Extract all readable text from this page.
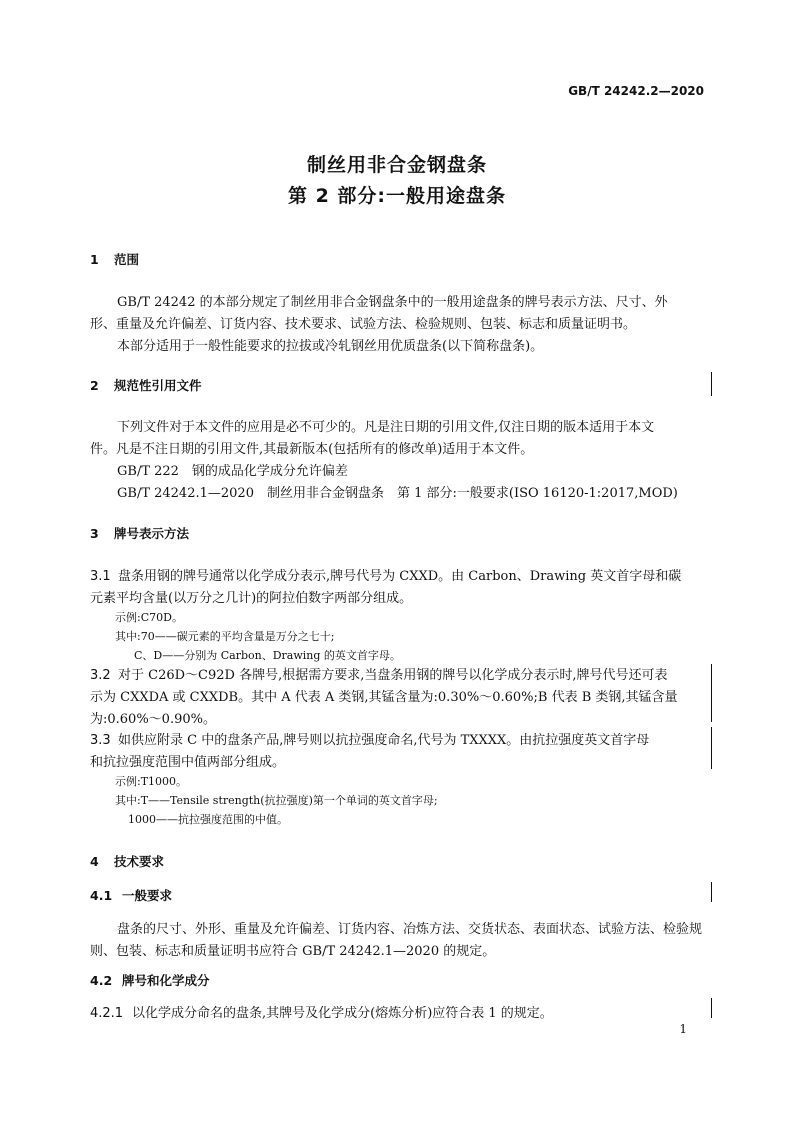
GB/T 24242.2—2020
制丝用非合金钢盘条
第 2 部分:一般用途盘条
1 范围
GB/T 24242 的本部分规定了制丝用非合金钢盘条中的一般用途盘条的牌号表示方法、尺寸、外
形、重量及允许偏差、订货内容、技术要求、试验方法、检验规则、包装、标志和质量证明书。
本部分适用于一般性能要求的拉拔或冷轧钢丝用优质盘条(以下简称盘条)。
2 规范性引用文件
下列文件对于本文件的应用是必不可少的。凡是注日期的引用文件,仅注日期的版本适用于本文
件。凡是不注日期的引用文件,其最新版本(包括所有的修改单)适用于本文件。
GB/T 222　钢的成品化学成分允许偏差
GB/T 24242.1—2020　制丝用非合金钢盘条　第 1 部分:一般要求(ISO 16120-1:2017,MOD)
3 牌号表示方法
3.1 盘条用钢的牌号通常以化学成分表示,牌号代号为 CXXD。由 Carbon、Drawing 英文首字母和碳
元素平均含量(以万分之几计)的阿拉伯数字两部分组成。
示例:C70D。
其中:70——碳元素的平均含量是万分之七十;
C、D——分别为 Carbon、Drawing 的英文首字母。
3.2 对于 C26D～C92D 各牌号,根据需方要求,当盘条用钢的牌号以化学成分表示时,牌号代号还可表
示为 CXXDA 或 CXXDB。其中 A 代表 A 类钢,其锰含量为:0.30%～0.60%;B 代表 B 类钢,其锰含量
为:0.60%～0.90%。
3.3 如供应附录 C 中的盘条产品,牌号则以抗拉强度命名,代号为 TXXXX。由抗拉强度英文首字母
和抗拉强度范围中值两部分组成。
示例:T1000。
其中:T——Tensile strength(抗拉强度)第一个单词的英文首字母;
1000——抗拉强度范围的中值。
4 技术要求
4.1 一般要求
盘条的尺寸、外形、重量及允许偏差、订货内容、冶炼方法、交货状态、表面状态、试验方法、检验规
则、包装、标志和质量证明书应符合 GB/T 24242.1—2020 的规定。
4.2 牌号和化学成分
4.2.1 以化学成分命名的盘条,其牌号及化学成分(熔炼分析)应符合表 1 的规定。
1
